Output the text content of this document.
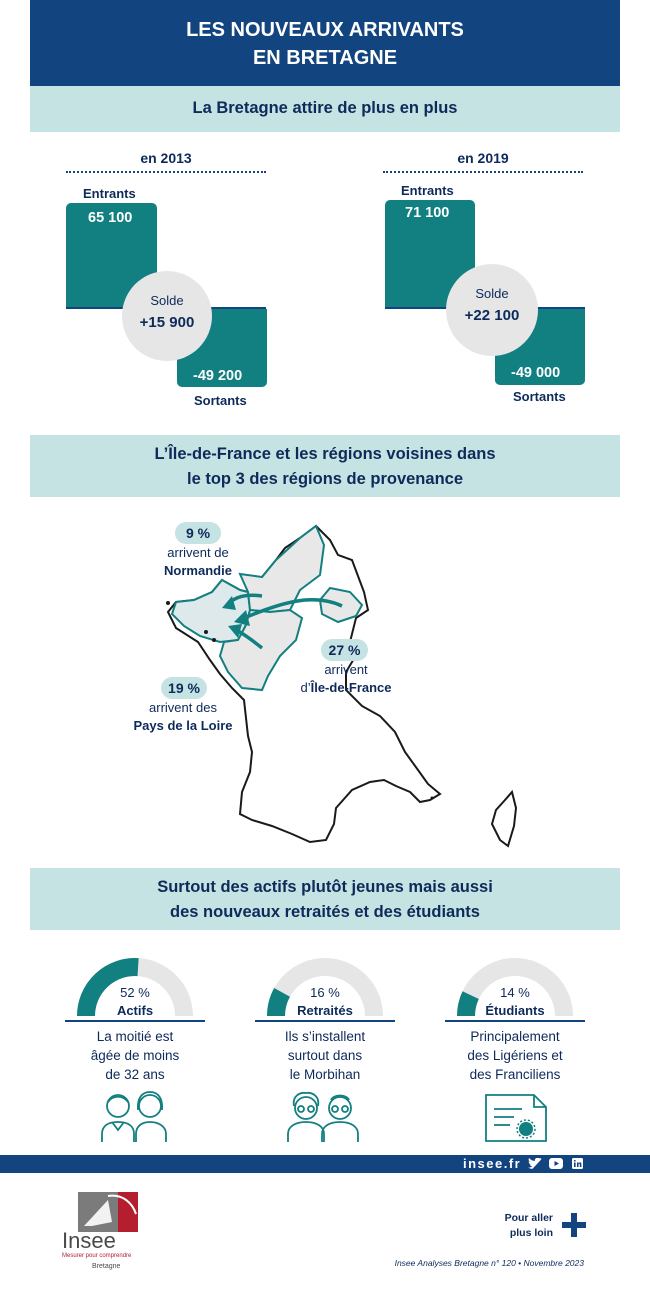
LES NOUVEAUX ARRIVANTS
EN BRETAGNE
La Bretagne attire de plus en plus
en 2013
Entrants
65 100
-49 200
Sortants
Solde
+15 900
en 2019
Entrants
71 100
-49 000
Sortants
Solde
+22 100
L’Île-de-France et les régions voisines dans
le top 3 des régions de provenance
9 %
arrivent de
Normandie
27 %
arrivent
d’Île-de-France
19 %
arrivent des
Pays de la Loire
Surtout des actifs plutôt jeunes mais aussi
des nouveaux retraités et des étudiants
52 %
Actifs
La moitié est
âgée de moins
de 32 ans
16 %
Retraités
Ils s’installent
surtout dans
le Morbihan
14 %
Étudiants
Principalement
des Ligériens et
des Franciliens
insee.fr
Insee
Mesurer pour comprendre
Bretagne
Pour aller
plus loin
Insee Analyses Bretagne n° 120 • Novembre 2023
